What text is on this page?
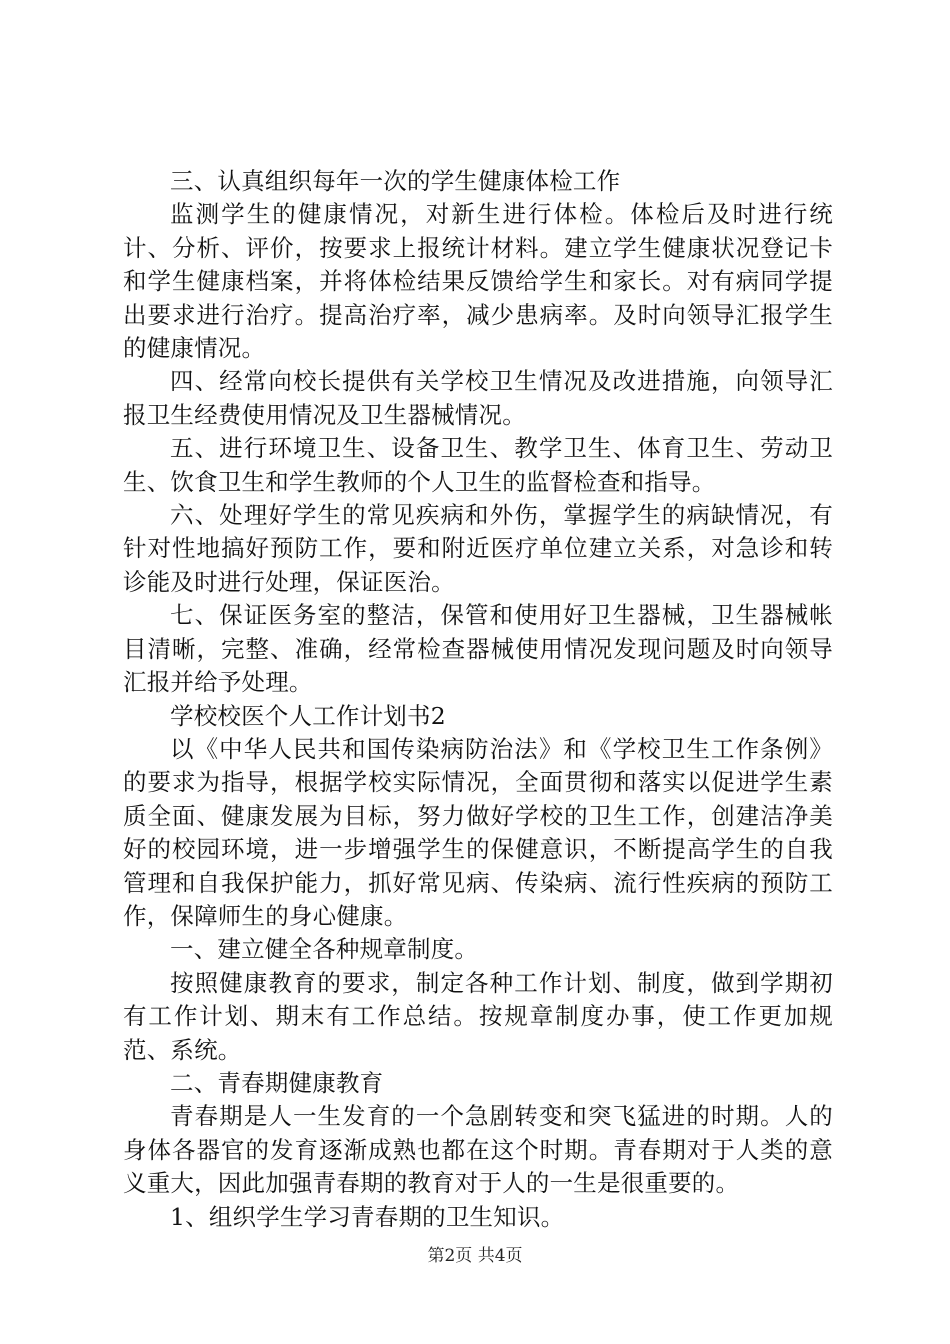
三、认真组织每年一次的学生健康体检工作

监测学生的健康情况，对新生进行体检。体检后及时进行统计、分析、评价，按要求上报统计材料。建立学生健康状况登记卡和学生健康档案，并将体检结果反馈给学生和家长。对有病同学提出要求进行治疗。提高治疗率，减少患病率。及时向领导汇报学生的健康情况。

四、经常向校长提供有关学校卫生情况及改进措施，向领导汇报卫生经费使用情况及卫生器械情况。

五、进行环境卫生、设备卫生、教学卫生、体育卫生、劳动卫生、饮食卫生和学生教师的个人卫生的监督检查和指导。

六、处理好学生的常见疾病和外伤，掌握学生的病缺情况，有针对性地搞好预防工作，要和附近医疗单位建立关系，对急诊和转诊能及时进行处理，保证医治。

七、保证医务室的整洁，保管和使用好卫生器械，卫生器械帐目清晰，完整、准确，经常检查器械使用情况发现问题及时向领导汇报并给予处理。

学校校医个人工作计划书2

以《中华人民共和国传染病防治法》和《学校卫生工作条例》的要求为指导，根据学校实际情况，全面贯彻和落实以促进学生素质全面、健康发展为目标，努力做好学校的卫生工作，创建洁净美好的校园环境，进一步增强学生的保健意识，不断提高学生的自我管理和自我保护能力，抓好常见病、传染病、流行性疾病的预防工作，保障师生的身心健康。

一、建立健全各种规章制度。

按照健康教育的要求，制定各种工作计划、制度，做到学期初有工作计划、期末有工作总结。按规章制度办事，使工作更加规范、系统。

二、青春期健康教育

青春期是人一生发育的一个急剧转变和突飞猛进的时期。人的身体各器官的发育逐渐成熟也都在这个时期。青春期对于人类的意义重大，因此加强青春期的教育对于人的一生是很重要的。

1、组织学生学习青春期的卫生知识。

第2页 共4页
